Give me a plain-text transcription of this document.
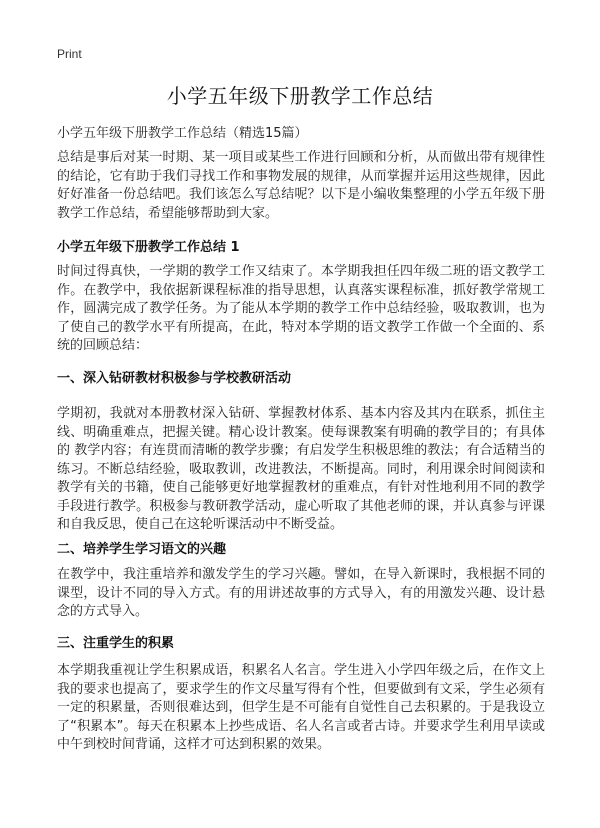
Print
小学五年级下册教学工作总结
小学五年级下册教学工作总结（精选15篇）
总结是事后对某一时期、某一项目或某些工作进行回顾和分析，从而做出带有规律性的结论，它有助于我们寻找工作和事物发展的规律，从而掌握并运用这些规律，因此好好准备一份总结吧。我们该怎么写总结呢？以下是小编收集整理的小学五年级下册教学工作总结，希望能够帮助到大家。
小学五年级下册教学工作总结 1
时间过得真快，一学期的教学工作又结束了。本学期我担任四年级二班的语文教学工作。在教学中，我依据新课程标准的指导思想，认真落实课程标准，抓好教学常规工作，圆满完成了教学任务。为了能从本学期的教学工作中总结经验，吸取教训，也为了使自己的教学水平有所提高，在此，特对本学期的语文教学工作做一个全面的、系统的回顾总结：
一、深入钻研教材积极参与学校教研活动
学期初，我就对本册教材深入钻研、掌握教材体系、基本内容及其内在联系，抓住主线、明确重难点，把握关键。精心设计教案。使每课教案有明确的教学目的；有具体的 教学内容；有连贯而清晰的教学步骤；有启发学生积极思维的教法；有合适精当的练习。不断总结经验，吸取教训，改进教法，不断提高。同时，利用课余时间阅读和教学有关的书籍，使自己能够更好地掌握教材的重难点，有针对性地利用不同的教学手段进行教学。积极参与教研教学活动，虚心听取了其他老师的课，并认真参与评课和自我反思，使自己在这轮听课活动中不断受益。
二、培养学生学习语文的兴趣
在教学中，我注重培养和激发学生的学习兴趣。譬如，在导入新课时，我根据不同的课型，设计不同的导入方式。有的用讲述故事的方式导入，有的用激发兴趣、设计悬念的方式导入。
三、注重学生的积累
本学期我重视让学生积累成语，积累名人名言。学生进入小学四年级之后，在作文上我的要求也提高了，要求学生的作文尽量写得有个性，但要做到有文采，学生必须有一定的积累量，否则很难达到，但学生是不可能有自觉性自己去积累的。于是我设立了“积累本”。每天在积累本上抄些成语、名人名言或者古诗。并要求学生利用早读或中午到校时间背诵，这样才可达到积累的效果。
